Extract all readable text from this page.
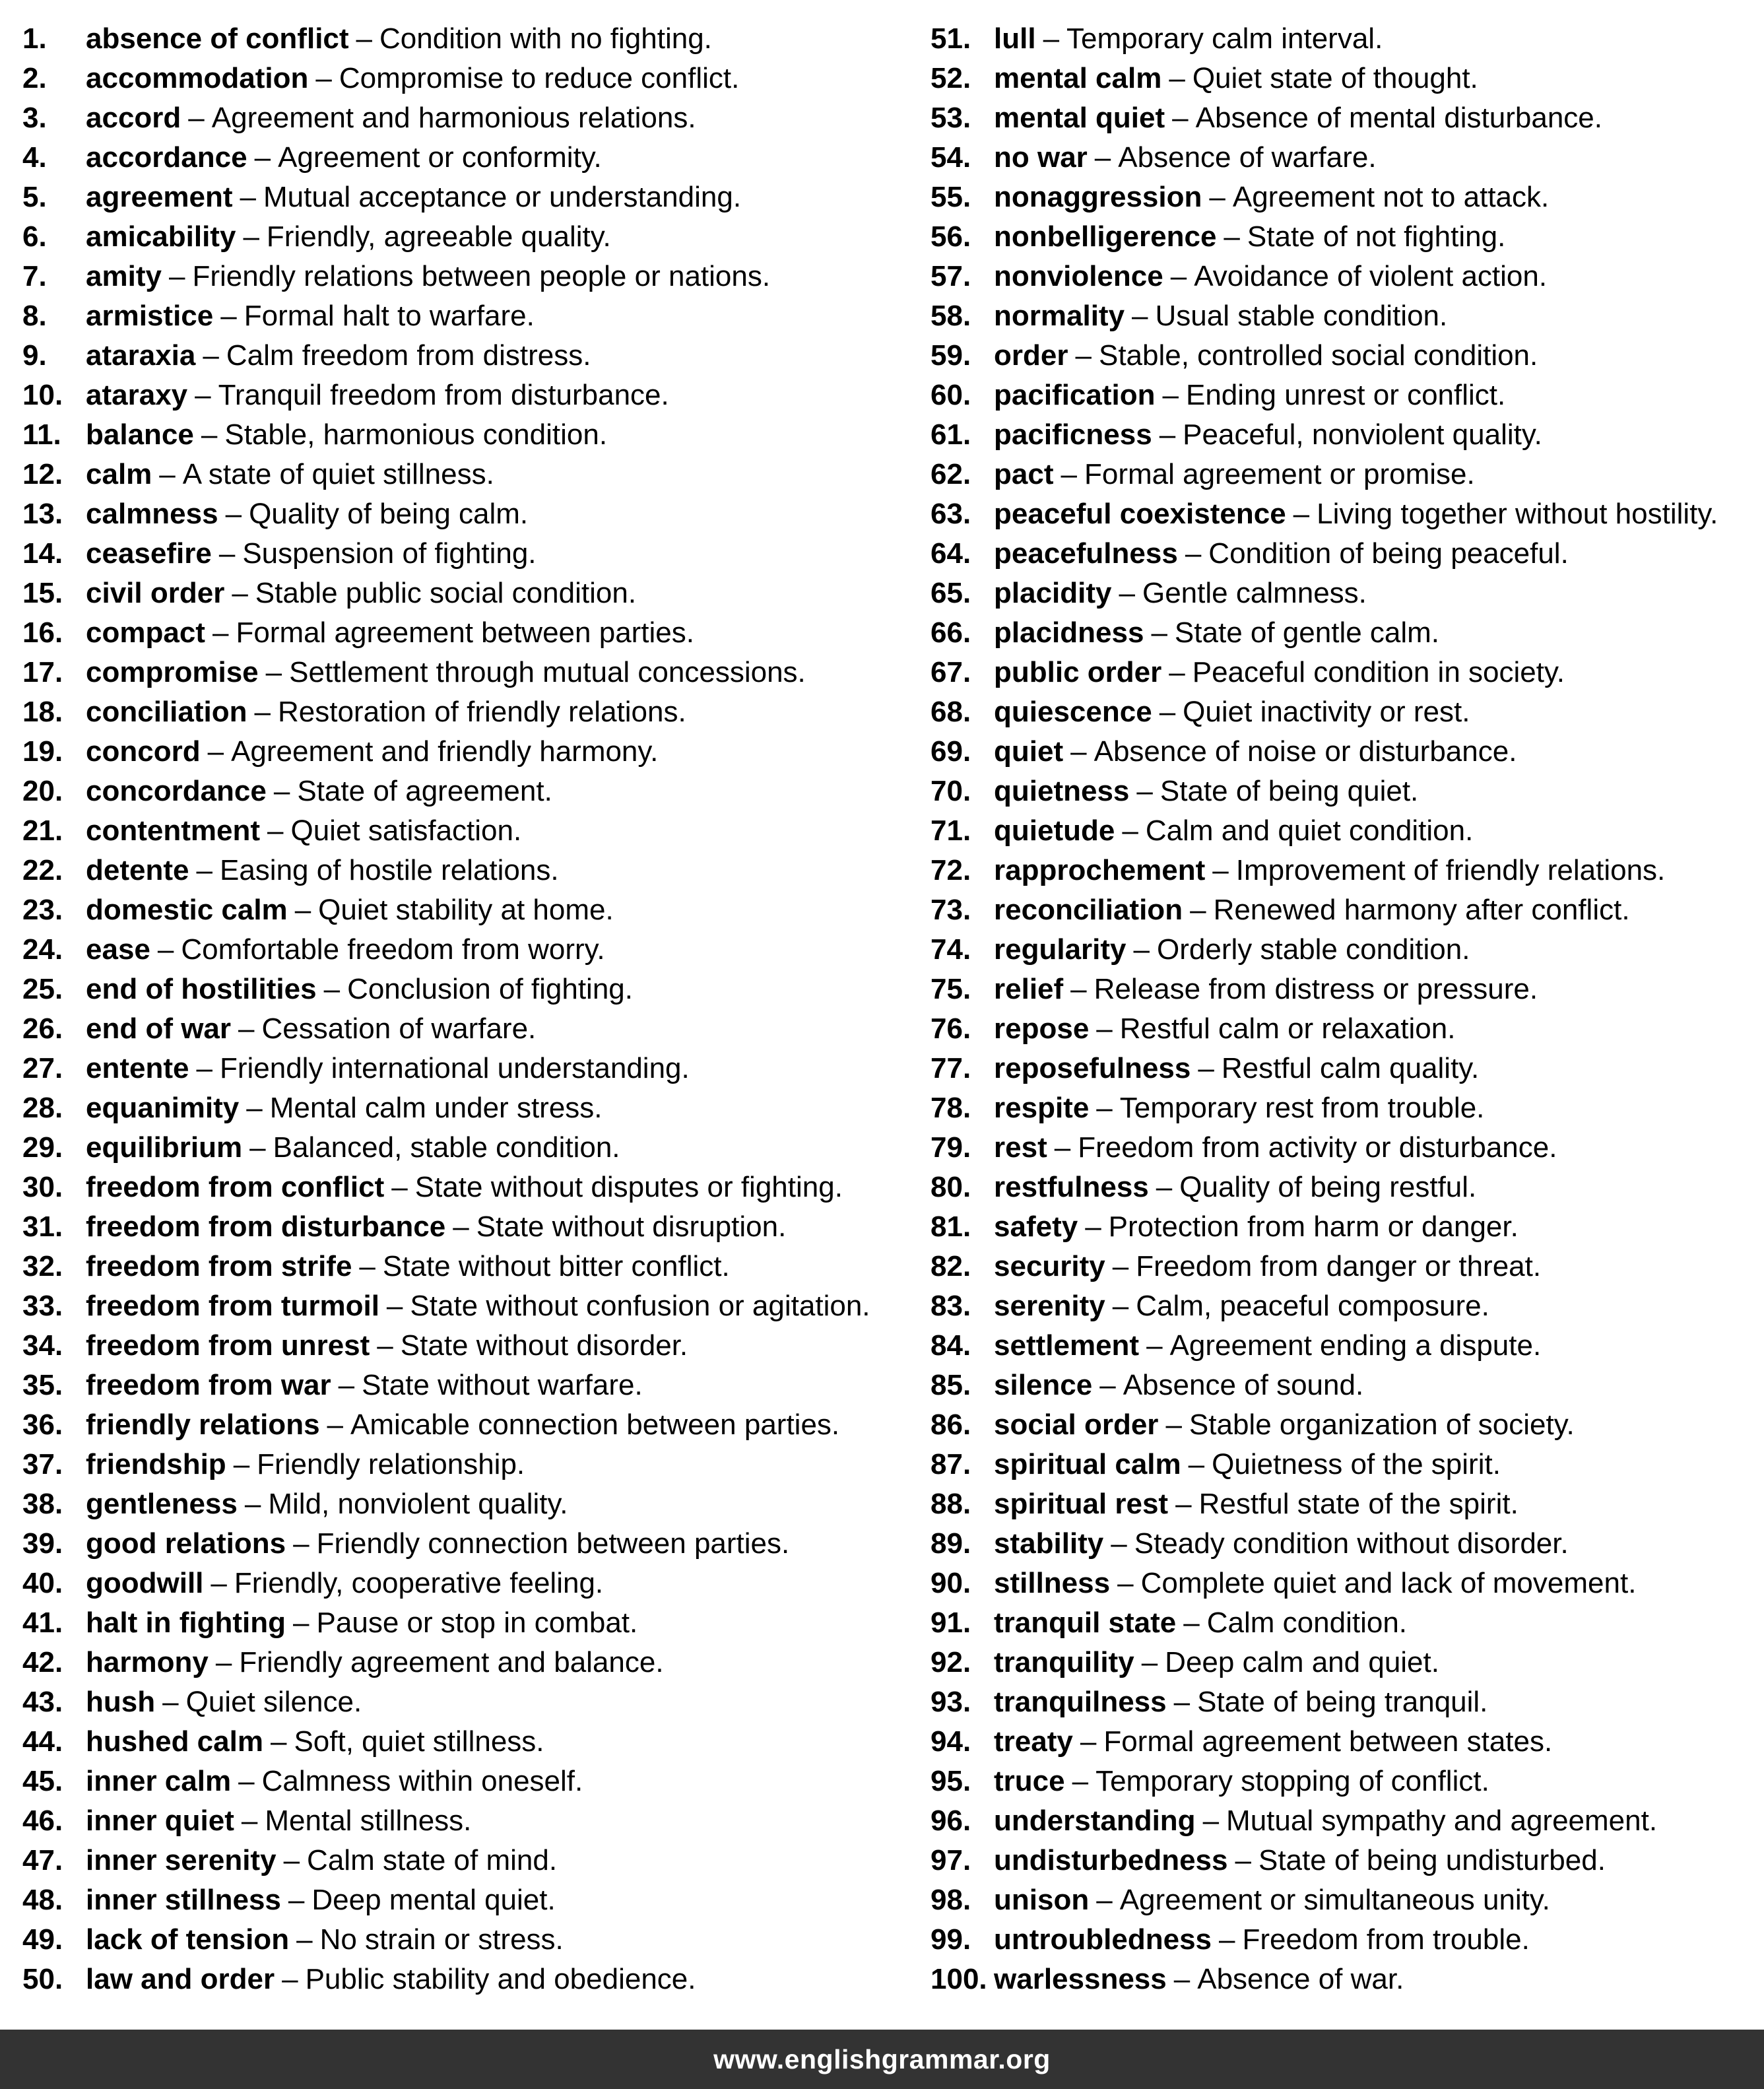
1.	absence of conflict – Condition with no fighting.
2.	accommodation – Compromise to reduce conflict.
3.	accord – Agreement and harmonious relations.
4.	accordance – Agreement or conformity.
5.	agreement – Mutual acceptance or understanding.
6.	amicability – Friendly, agreeable quality.
7.	amity – Friendly relations between people or nations.
8.	armistice – Formal halt to warfare.
9.	ataraxia – Calm freedom from distress.
10. ataraxy – Tranquil freedom from disturbance.
11. balance – Stable, harmonious condition.
12. calm – A state of quiet stillness.
13. calmness – Quality of being calm.
14. ceasefire – Suspension of fighting.
15. civil order – Stable public social condition.
16. compact – Formal agreement between parties.
17. compromise – Settlement through mutual concessions.
18. conciliation – Restoration of friendly relations.
19. concord – Agreement and friendly harmony.
20. concordance – State of agreement.
21. contentment – Quiet satisfaction.
22. detente – Easing of hostile relations.
23. domestic calm – Quiet stability at home.
24. ease – Comfortable freedom from worry.
25. end of hostilities – Conclusion of fighting.
26. end of war – Cessation of warfare.
27. entente – Friendly international understanding.
28. equanimity – Mental calm under stress.
29. equilibrium – Balanced, stable condition.
30. freedom from conflict – State without disputes or fighting.
31. freedom from disturbance – State without disruption.
32. freedom from strife – State without bitter conflict.
33. freedom from turmoil – State without confusion or agitation.
34. freedom from unrest – State without disorder.
35. freedom from war – State without warfare.
36. friendly relations – Amicable connection between parties.
37. friendship – Friendly relationship.
38. gentleness – Mild, nonviolent quality.
39. good relations – Friendly connection between parties.
40. goodwill – Friendly, cooperative feeling.
41. halt in fighting – Pause or stop in combat.
42. harmony – Friendly agreement and balance.
43. hush – Quiet silence.
44. hushed calm – Soft, quiet stillness.
45. inner calm – Calmness within oneself.
46. inner quiet – Mental stillness.
47. inner serenity – Calm state of mind.
48. inner stillness – Deep mental quiet.
49. lack of tension – No strain or stress.
50. law and order – Public stability and obedience.
51. lull – Temporary calm interval.
52. mental calm – Quiet state of thought.
53. mental quiet – Absence of mental disturbance.
54. no war – Absence of warfare.
55. nonaggression – Agreement not to attack.
56. nonbelligerence – State of not fighting.
57. nonviolence – Avoidance of violent action.
58. normality – Usual stable condition.
59. order – Stable, controlled social condition.
60. pacification – Ending unrest or conflict.
61. pacificness – Peaceful, nonviolent quality.
62. pact – Formal agreement or promise.
63. peaceful coexistence – Living together without hostility.
64. peacefulness – Condition of being peaceful.
65. placidity – Gentle calmness.
66. placidness – State of gentle calm.
67. public order – Peaceful condition in society.
68. quiescence – Quiet inactivity or rest.
69. quiet – Absence of noise or disturbance.
70. quietness – State of being quiet.
71. quietude – Calm and quiet condition.
72. rapprochement – Improvement of friendly relations.
73. reconciliation – Renewed harmony after conflict.
74. regularity – Orderly stable condition.
75. relief – Release from distress or pressure.
76. repose – Restful calm or relaxation.
77. reposefulness – Restful calm quality.
78. respite – Temporary rest from trouble.
79. rest – Freedom from activity or disturbance.
80. restfulness – Quality of being restful.
81. safety – Protection from harm or danger.
82. security – Freedom from danger or threat.
83. serenity – Calm, peaceful composure.
84. settlement – Agreement ending a dispute.
85. silence – Absence of sound.
86. social order – Stable organization of society.
87. spiritual calm – Quietness of the spirit.
88. spiritual rest – Restful state of the spirit.
89. stability – Steady condition without disorder.
90. stillness – Complete quiet and lack of movement.
91. tranquil state – Calm condition.
92. tranquility – Deep calm and quiet.
93. tranquilness – State of being tranquil.
94. treaty – Formal agreement between states.
95. truce – Temporary stopping of conflict.
96. understanding – Mutual sympathy and agreement.
97. undisturbedness – State of being undisturbed.
98. unison – Agreement or simultaneous unity.
99. untroubledness – Freedom from trouble.
100. warlessness – Absence of war.
www.englishgrammar.org
